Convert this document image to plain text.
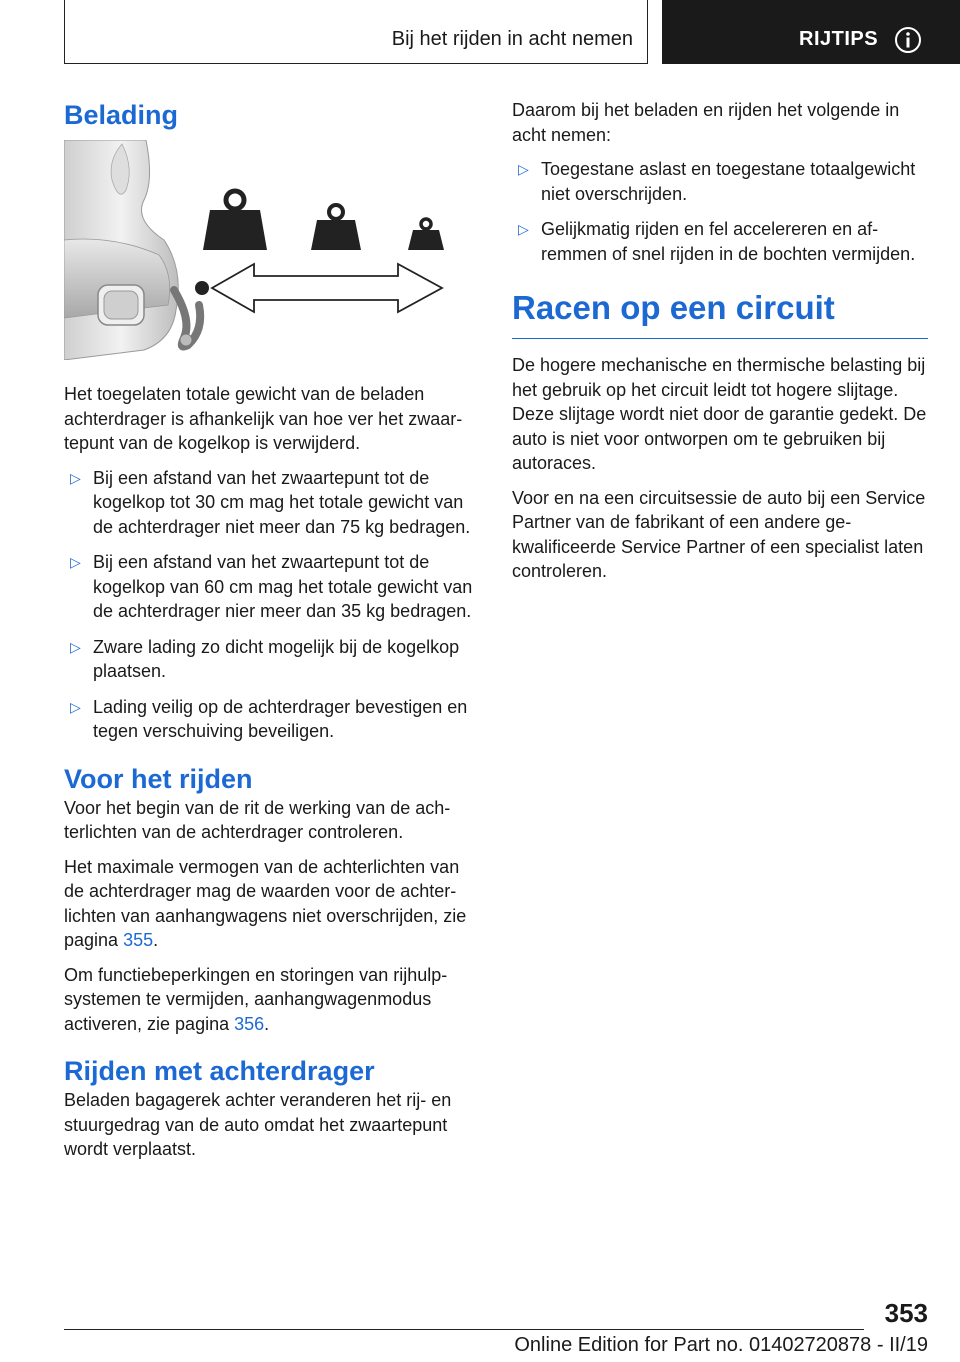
Bij het rijden in acht nemen	RIJTIPS
Belading

Het toegelaten totale gewicht van de beladen achterdrager is afhankelijk van hoe ver het zwaartepunt van de kogelkop is verwijderd.

▷ Bij een afstand van het zwaartepunt tot de kogelkop tot 30 cm mag het totale gewicht van de achterdrager niet meer dan 75 kg bedragen.
▷ Bij een afstand van het zwaartepunt tot de kogelkop van 60 cm mag het totale gewicht van de achterdrager nier meer dan 35 kg bedragen.
▷ Zware lading zo dicht mogelijk bij de kogelkop plaatsen.
▷ Lading veilig op de achterdrager bevestigen en tegen verschuiving beveiligen.
Voor het rijden

Voor het begin van de rit de werking van de achterlichten van de achterdrager controleren.

Het maximale vermogen van de achterlichten van de achterdrager mag de waarden voor de achterlichten van aanhangwagens niet overschrijden, zie pagina 355.

Om functiebeperkingen en storingen van rijhulpsystemen te vermijden, aanhangwagenmodus activeren, zie pagina 356.

Rijden met achterdrager

Beladen bagagerek achter veranderen het rij- en stuurgedrag van de auto omdat het zwaartepunt wordt verplaatst.

Daarom bij het beladen en rijden het volgende in acht nemen:

▷ Toegestane aslast en toegestane totaalgewicht niet overschrijden.
▷ Gelijkmatig rijden en fel accelereren en afremmen of snel rijden in de bochten vermijden.
Racen op een circuit

De hogere mechanische en thermische belasting bij het gebruik op het circuit leidt tot hogere slijtage. Deze slijtage wordt niet door de garantie gedekt. De auto is niet voor ontworpen om te gebruiken bij autoraces.

Voor en na een circuitsessie de auto bij een Service Partner van de fabrikant of een andere gekwalificeerde Service Partner of een specialist laten controleren.

353
Online Edition for Part no. 01402720878 - II/19
